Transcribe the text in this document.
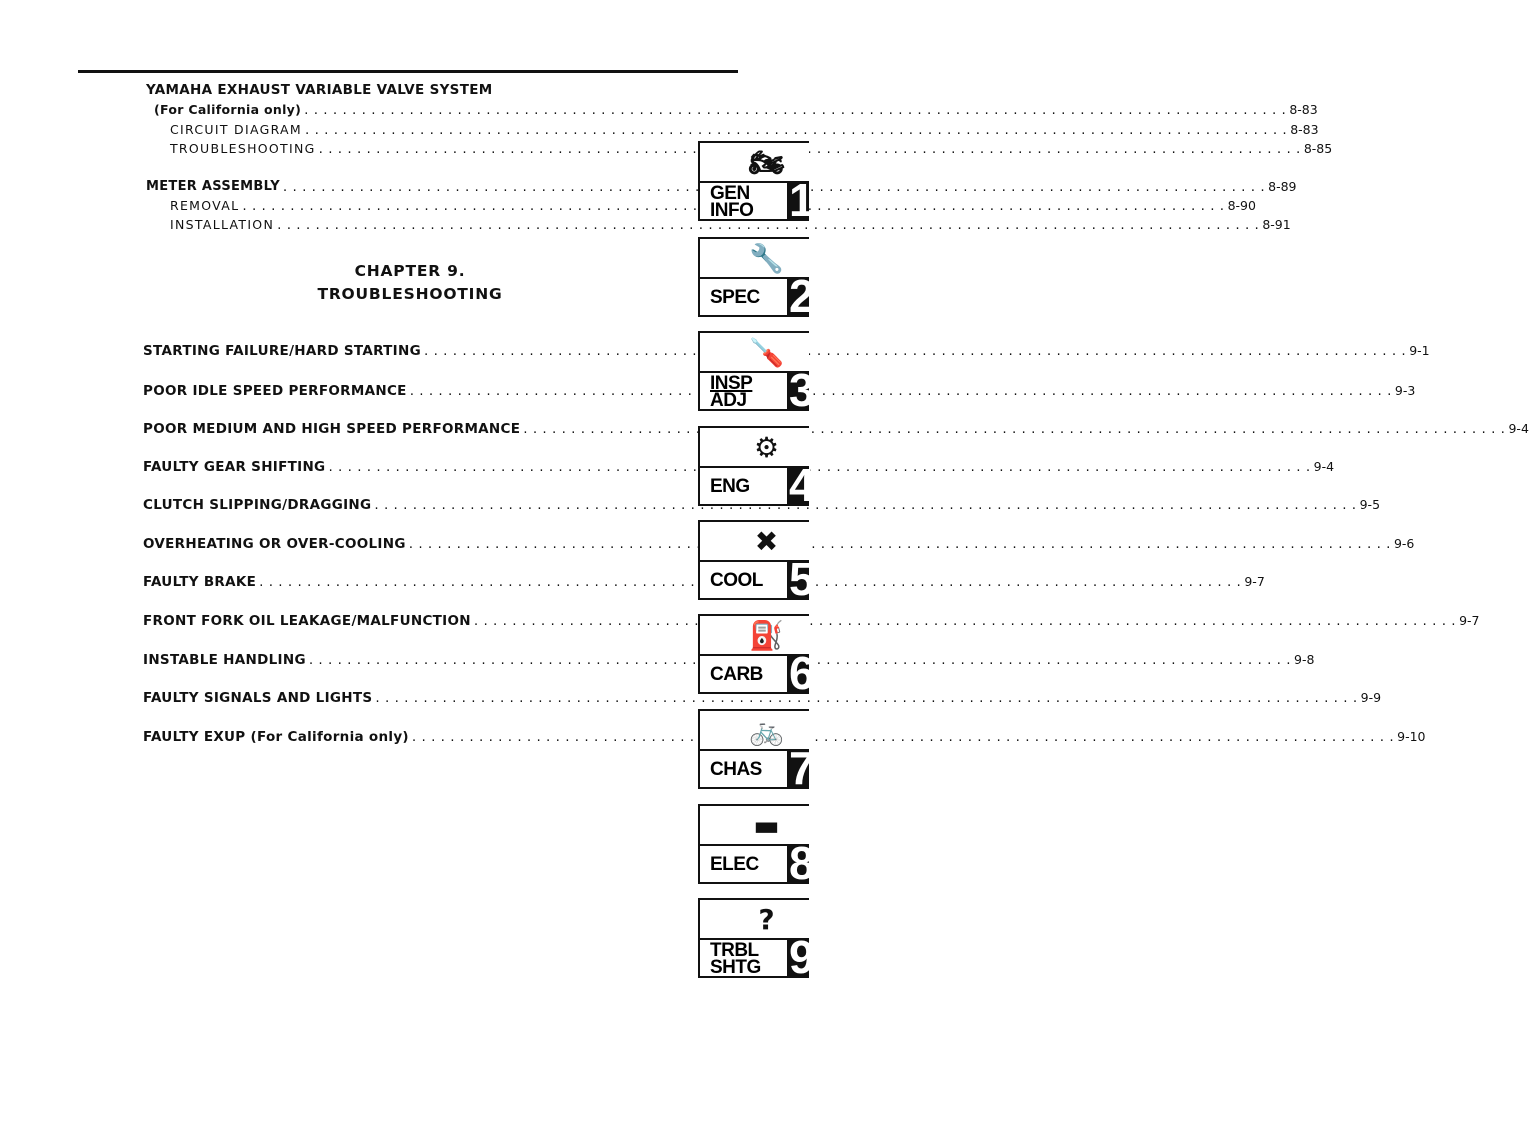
YAMAHA EXHAUST VARIABLE VALVE SYSTEM
(For California only) . . .	8-83
CIRCUIT DIAGRAM . . .	8-83
TROUBLESHOOTING . . .	8-85
METER ASSEMBLY . . .	8-89
REMOVAL . . .	8-90
INSTALLATION . . .	8-91
CHAPTER 9.
TROUBLESHOOTING
STARTING FAILURE/HARD STARTING . . .	9-1
POOR IDLE SPEED PERFORMANCE . . .	9-3
POOR MEDIUM AND HIGH SPEED PERFORMANCE . . .	9-4
FAULTY GEAR SHIFTING . . .	9-4
CLUTCH SLIPPING/DRAGGING . . .	9-5
OVERHEATING OR OVER-COOLING . . .	9-6
FAULTY BRAKE . . .	9-7
FRONT FORK OIL LEAKAGE/MALFUNCTION . . .	9-7
INSTABLE HANDLING . . .	9-8
FAULTY SIGNALS AND LIGHTS . . .	9-9
FAULTY EXUP (For California only) . . .	9-10
🏍
GEN
INFO 1
🔧
SPEC 2
🪛
INSP
ADJ 3
⚙
ENG 4
✖
COOL 5
⛽
CARB 6
🚲
CHAS 7
▬
ELEC 8
?
TRBL
SHTG 9
